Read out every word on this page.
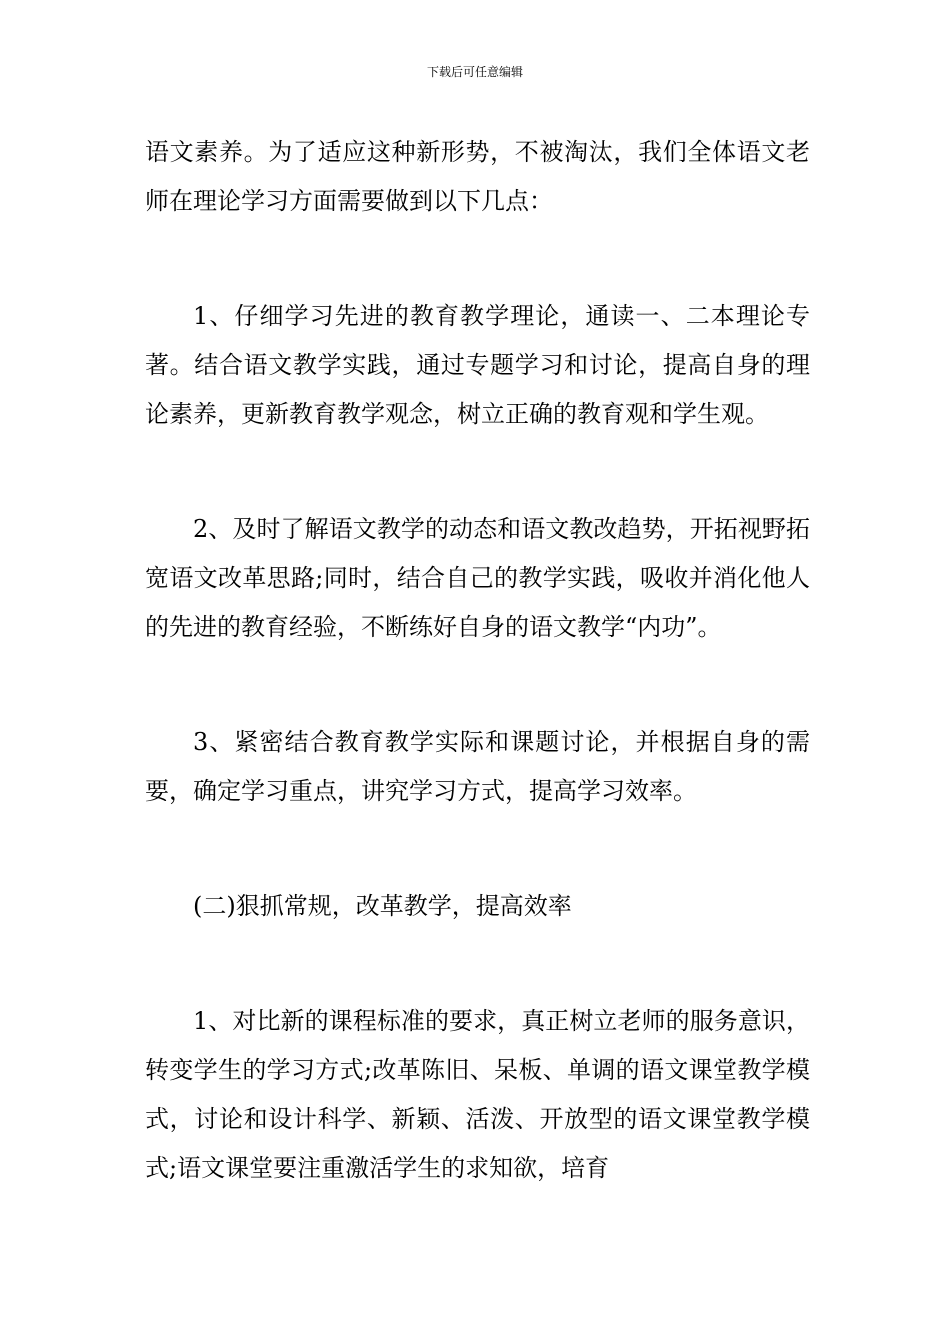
下载后可任意编辑

语文素养。为了适应这种新形势，不被淘汰，我们全体语文老师在理论学习方面需要做到以下几点：

1、仔细学习先进的教育教学理论，通读一、二本理论专著。结合语文教学实践，通过专题学习和讨论，提高自身的理论素养，更新教育教学观念，树立正确的教育观和学生观。

2、及时了解语文教学的动态和语文教改趋势，开拓视野拓宽语文改革思路;同时，结合自己的教学实践，吸收并消化他人的先进的教育经验，不断练好自身的语文教学“内功”。

3、紧密结合教育教学实际和课题讨论，并根据自身的需要，确定学习重点，讲究学习方式，提高学习效率。

(二)狠抓常规，改革教学，提高效率

1、对比新的课程标准的要求，真正树立老师的服务意识，转变学生的学习方式;改革陈旧、呆板、单调的语文课堂教学模式，讨论和设计科学、新颖、活泼、开放型的语文课堂教学模式;语文课堂要注重激活学生的求知欲，培育
